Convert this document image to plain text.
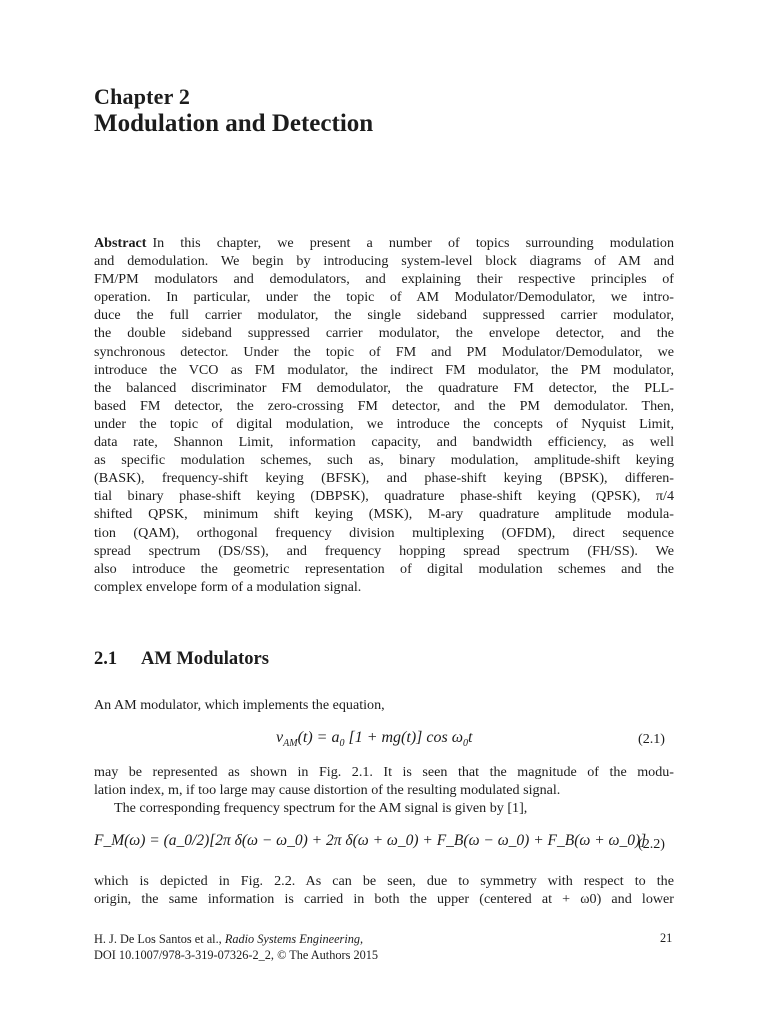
Chapter 2
Modulation and Detection
Abstract In this chapter, we present a number of topics surrounding modulation
and demodulation. We begin by introducing system-level block diagrams of AM and
FM/PM modulators and demodulators, and explaining their respective principles of
operation. In particular, under the topic of AM Modulator/Demodulator, we intro-
duce the full carrier modulator, the single sideband suppressed carrier modulator,
the double sideband suppressed carrier modulator, the envelope detector, and the
synchronous detector. Under the topic of FM and PM Modulator/Demodulator, we
introduce the VCO as FM modulator, the indirect FM modulator, the PM modulator,
the balanced discriminator FM demodulator, the quadrature FM detector, the PLL-
based FM detector, the zero-crossing FM detector, and the PM demodulator. Then,
under the topic of digital modulation, we introduce the concepts of Nyquist Limit,
data rate, Shannon Limit, information capacity, and bandwidth efficiency, as well
as specific modulation schemes, such as, binary modulation, amplitude-shift keying
(BASK), frequency-shift keying (BFSK), and phase-shift keying (BPSK), differen-
tial binary phase-shift keying (DBPSK), quadrature phase-shift keying (QPSK), π/4
shifted QPSK, minimum shift keying (MSK), M-ary quadrature amplitude modula-
tion (QAM), orthogonal frequency division multiplexing (OFDM), direct sequence
spread spectrum (DS/SS), and frequency hopping spread spectrum (FH/SS). We
also introduce the geometric representation of digital modulation schemes and the
complex envelope form of a modulation signal.
2.1 AM Modulators
An AM modulator, which implements the equation,
$v_{AM}(t) = a_0$ [1 + mg(t)] $\cos \omega_0t$	(2.1)
may be represented as shown in Fig. 2.1. It is seen that the magnitude of the modu-
lation index, m, if too large may cause distortion of the resulting modulated signal.
The corresponding frequency spectrum for the AM signal is given by [1],
F_M(ω) = (a_0/2)[2π δ(ω − ω_0) + 2π δ(ω + ω_0) + F_B(ω − ω_0) + F_B(ω + ω_0)]
(2.2)
which is depicted in Fig. 2.2. As can be seen, due to symmetry with respect to the
origin, the same information is carried in both the upper (centered at + ω0) and lower
H. J. De Los Santos et al., Radio Systems Engineering,
DOI 10.1007/978-3-319-07326-2_2, © The Authors 2015
21
